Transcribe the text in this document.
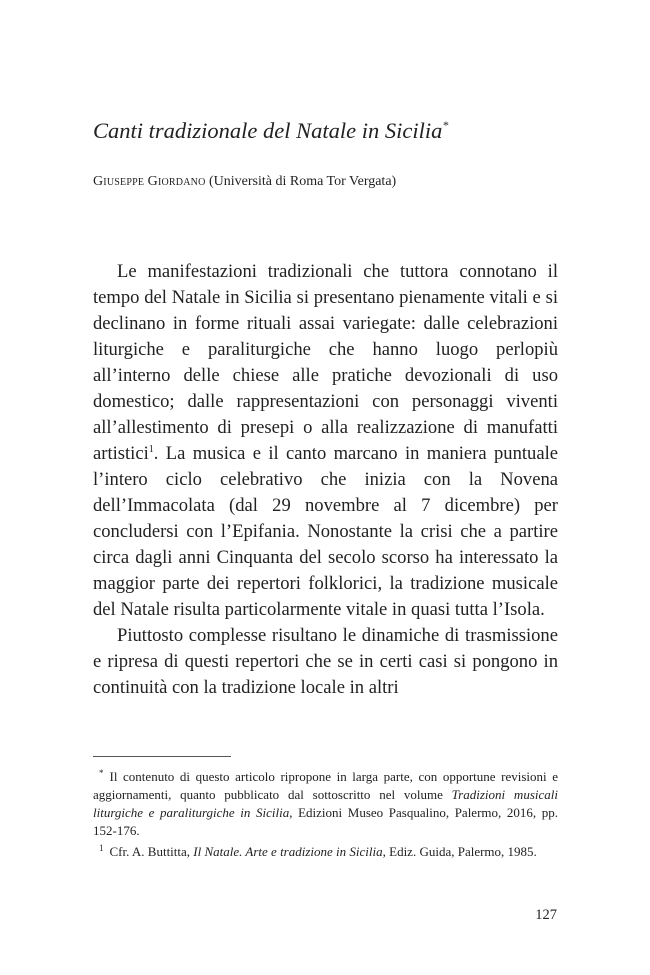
Canti tradizionale del Natale in Sicilia*

Giuseppe Giordano (Università di Roma Tor Vergata)

Le manifestazioni tradizionali che tuttora connotano il tempo del Natale in Sicilia si presentano pienamente vitali e si declinano in forme rituali assai variegate: dalle celebrazioni liturgiche e paraliturgiche che hanno luogo perlopiù all’interno delle chiese alle pratiche devozionali di uso domestico; dalle rappresentazioni con personaggi viventi all’allestimento di presepi o alla realizzazione di manufatti artistici$^1$. La musica e il canto marcano in maniera puntuale l’intero ciclo celebrativo che inizia con la Novena dell’Immacolata (dal 29 novembre al 7 dicembre) per concludersi con l’Epifania. Nonostante la crisi che a partire circa dagli anni Cinquanta del secolo scorso ha interessato la maggior parte dei repertori folklorici, la tradizione musicale del Natale risulta particolarmente vitale in quasi tutta l’Isola.

Piuttosto complesse risultano le dinamiche di trasmissione e ripresa di questi repertori che se in certi casi si pongono in continuità con la tradizione locale in altri

* Il contenuto di questo articolo ripropone in larga parte, con opportune revisioni e aggiornamenti, quanto pubblicato dal sottoscritto nel volume Tradizioni musicali liturgiche e paraliturgiche in Sicilia, Edizioni Museo Pasqualino, Palermo, 2016, pp. 152-176.

$^1$ Cfr. A. Buttitta, Il Natale. Arte e tradizione in Sicilia, Ediz. Guida, Palermo, 1985.

127
